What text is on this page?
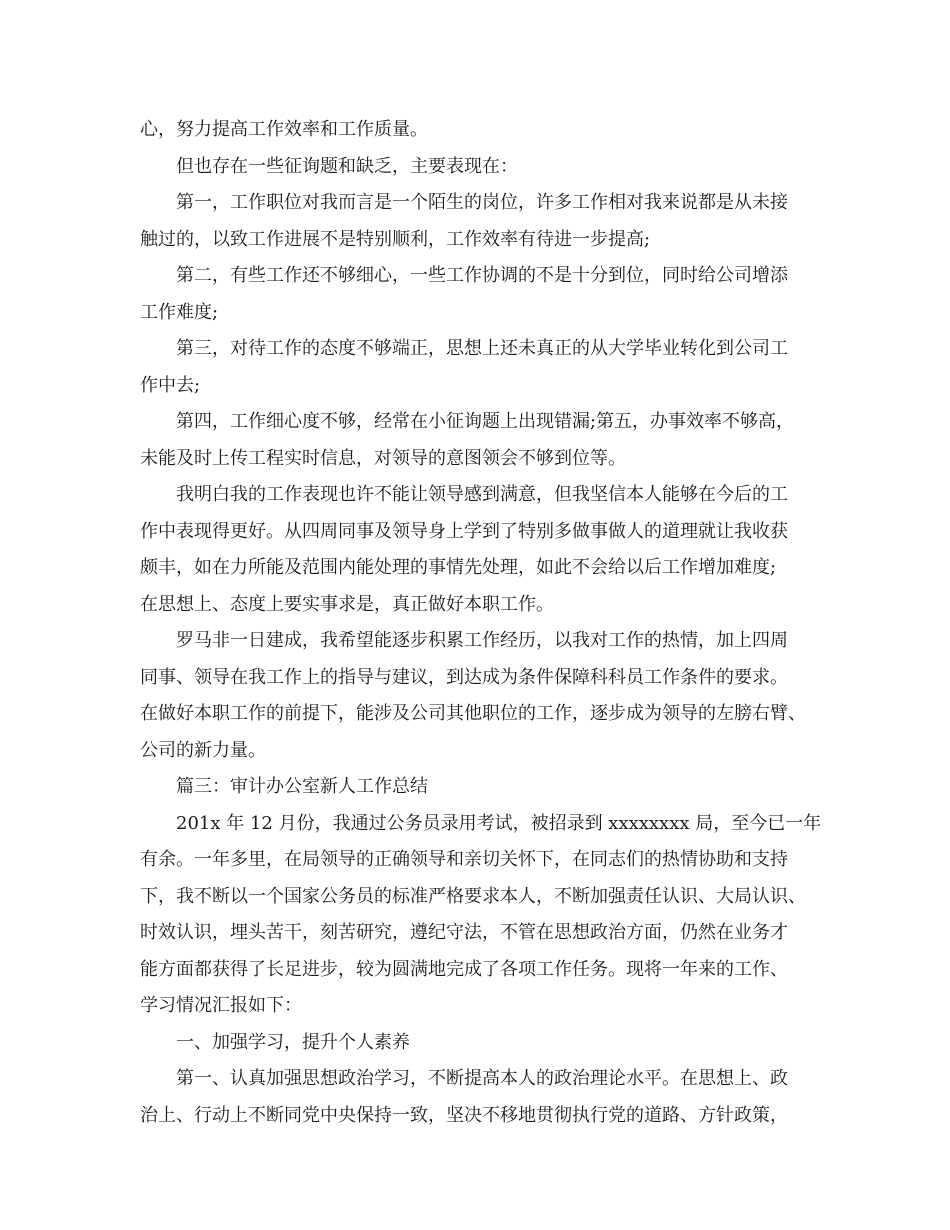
心，努力提高工作效率和工作质量。
但也存在一些征询题和缺乏，主要表现在：
第一，工作职位对我而言是一个陌生的岗位，许多工作相对我来说都是从未接
触过的，以致工作进展不是特别顺利，工作效率有待进一步提高;
第二，有些工作还不够细心，一些工作协调的不是十分到位，同时给公司增添
工作难度;
第三，对待工作的态度不够端正，思想上还未真正的从大学毕业转化到公司工
作中去;
第四，工作细心度不够，经常在小征询题上出现错漏;第五，办事效率不够高，
未能及时上传工程实时信息，对领导的意图领会不够到位等。
我明白我的工作表现也许不能让领导感到满意，但我坚信本人能够在今后的工
作中表现得更好。从四周同事及领导身上学到了特别多做事做人的道理就让我收获
颇丰，如在力所能及范围内能处理的事情先处理，如此不会给以后工作增加难度;
在思想上、态度上要实事求是，真正做好本职工作。
罗马非一日建成，我希望能逐步积累工作经历，以我对工作的热情，加上四周
同事、领导在我工作上的指导与建议，到达成为条件保障科科员工作条件的要求。
在做好本职工作的前提下，能涉及公司其他职位的工作，逐步成为领导的左膀右臂、
公司的新力量。
篇三：审计办公室新人工作总结
201x 年 12 月份，我通过公务员录用考试，被招录到 xxxxxxxx 局，至今已一年
有余。一年多里，在局领导的正确领导和亲切关怀下，在同志们的热情协助和支持
下，我不断以一个国家公务员的标准严格要求本人，不断加强责任认识、大局认识、
时效认识，埋头苦干，刻苦研究，遵纪守法，不管在思想政治方面，仍然在业务才
能方面都获得了长足进步，较为圆满地完成了各项工作任务。现将一年来的工作、
学习情况汇报如下：
一、加强学习，提升个人素养
第一、认真加强思想政治学习，不断提高本人的政治理论水平。在思想上、政
治上、行动上不断同党中央保持一致，坚决不移地贯彻执行党的道路、方针政策，
